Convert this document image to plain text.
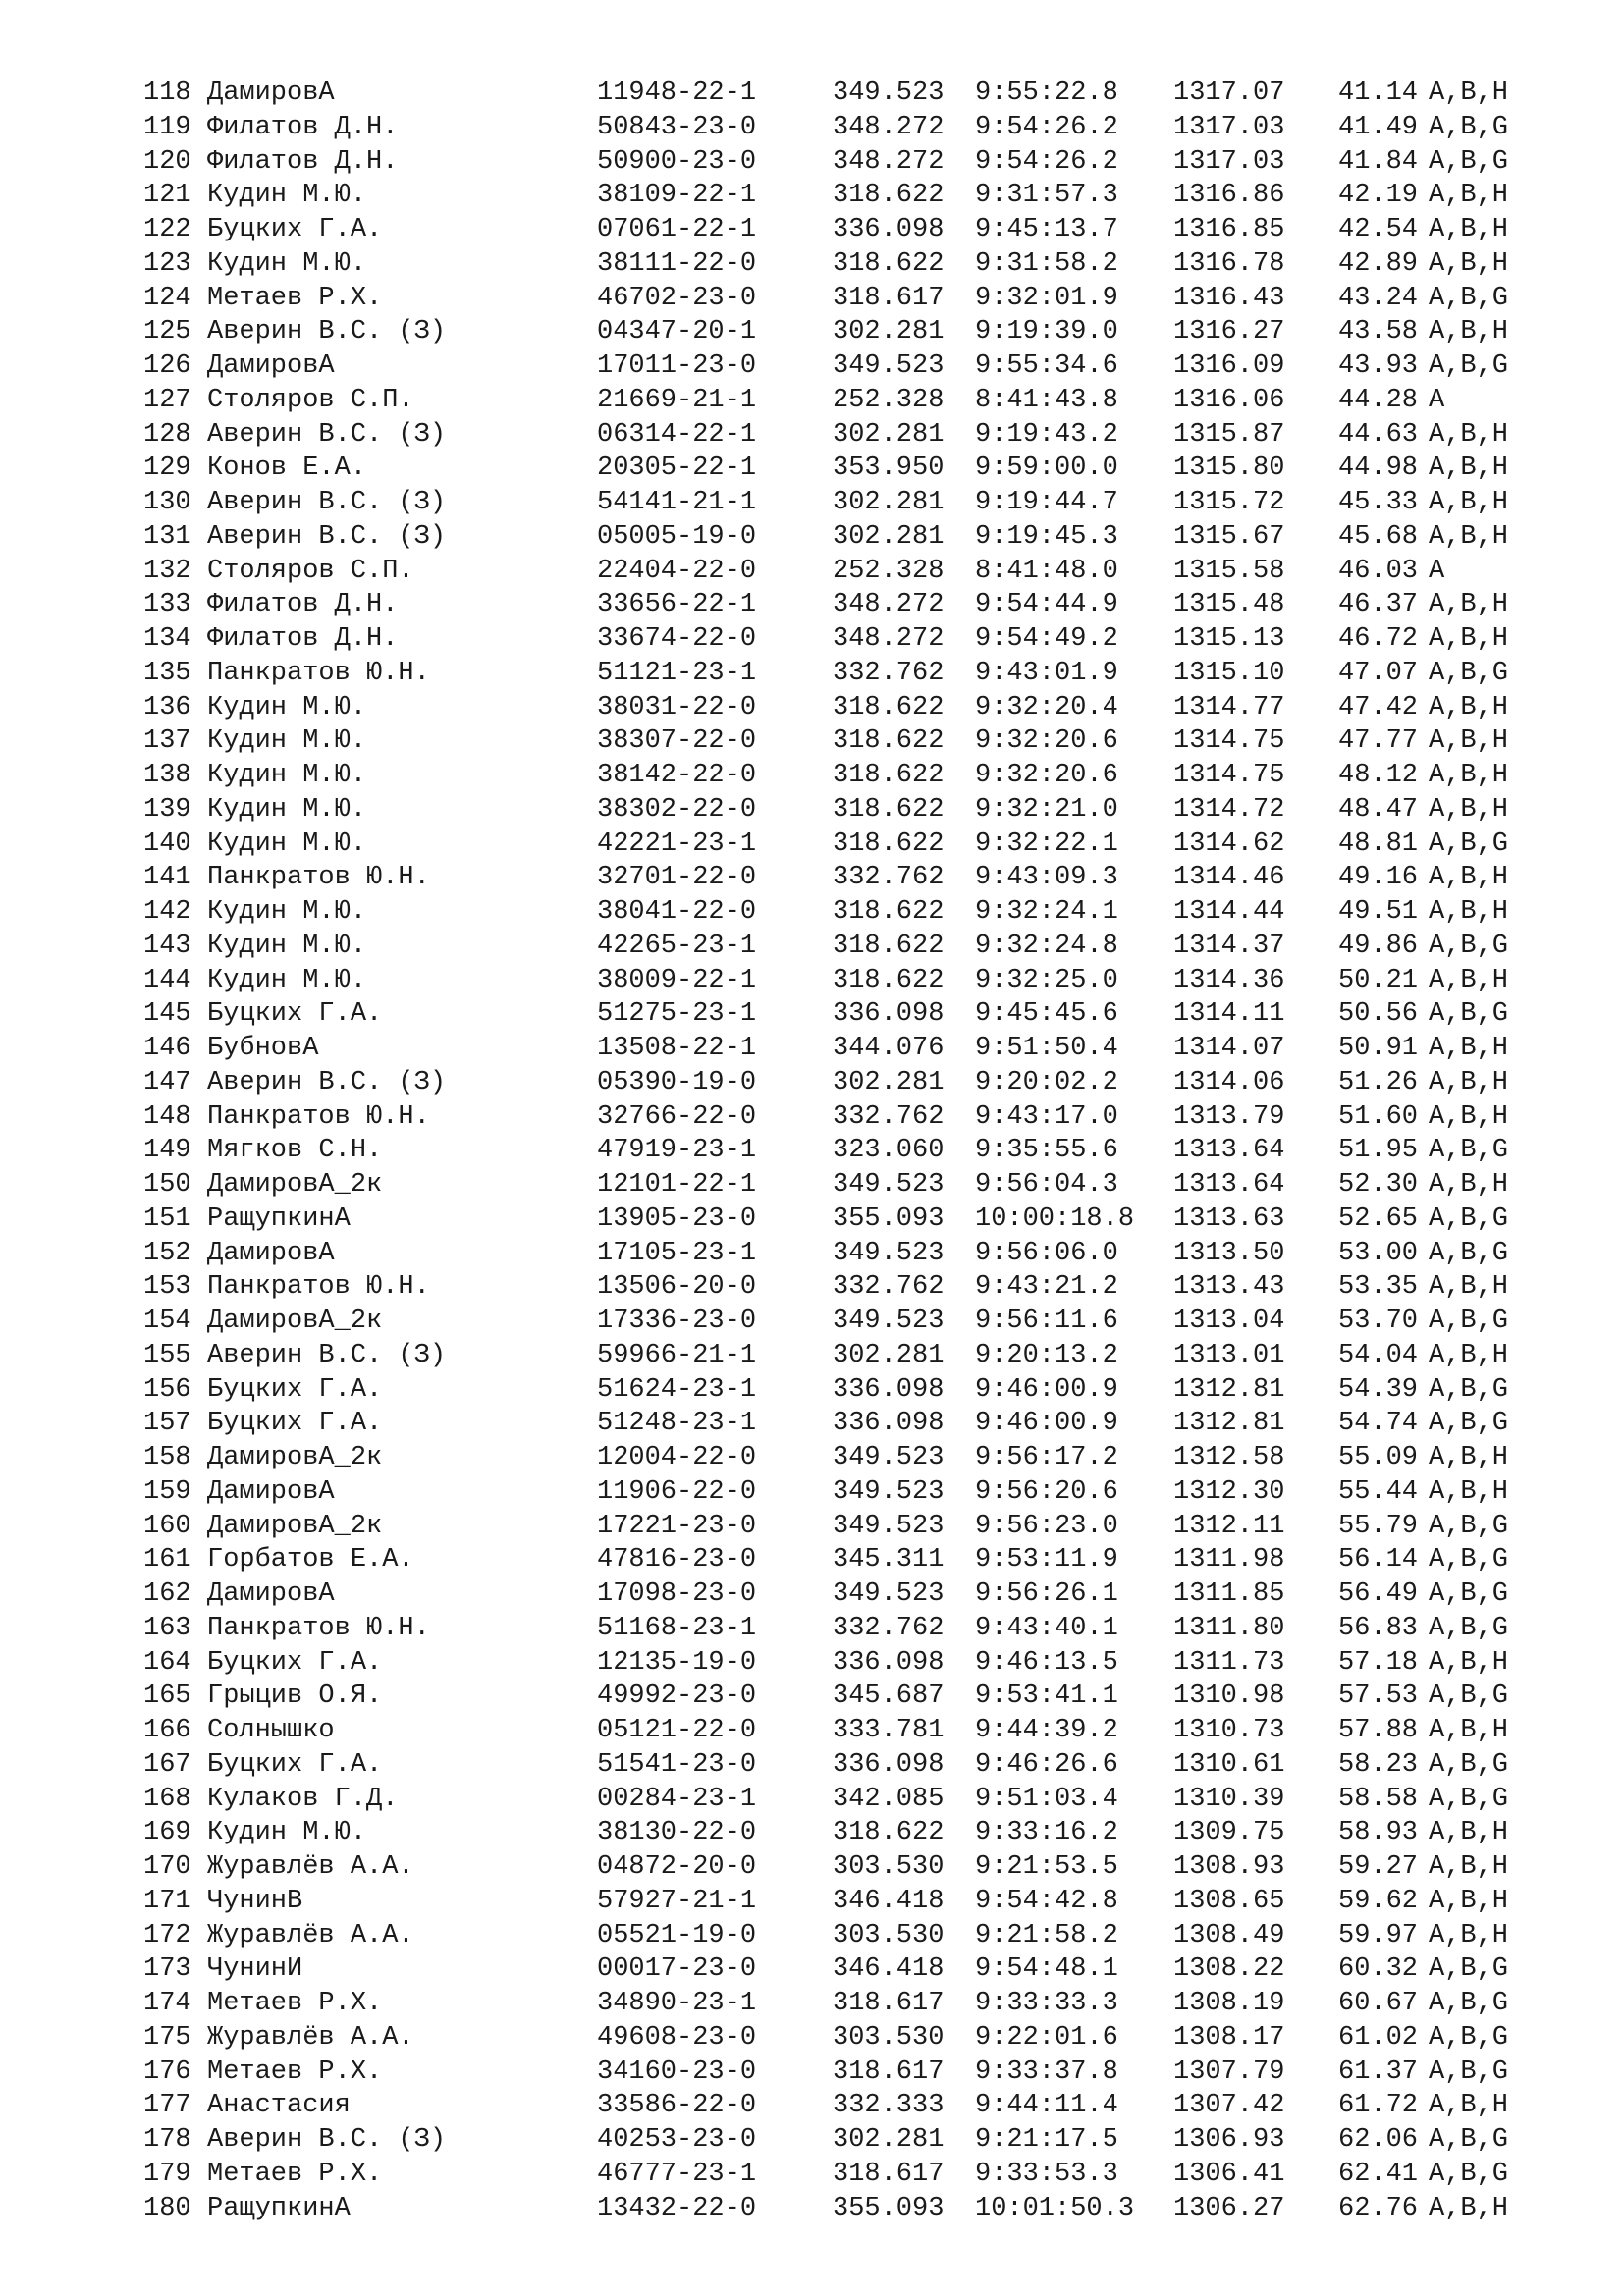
118 ДамировА	11948-22-1	349.523 9:55:22.8 1317.07 41.14 A,B,H
119 Филатов Д.Н.	50843-23-0	348.272 9:54:26.2 1317.03 41.49 A,B,G
120 Филатов Д.Н.	50900-23-0	348.272 9:54:26.2 1317.03 41.84 A,B,G
121 Кудин М.Ю.	38109-22-1	318.622 9:31:57.3 1316.86 42.19 A,B,H
122 Буцких Г.А.	07061-22-1	336.098 9:45:13.7 1316.85 42.54 A,B,H
123 Кудин М.Ю.	38111-22-0	318.622 9:31:58.2 1316.78 42.89 A,B,H
124 Метаев Р.Х.	46702-23-0	318.617 9:32:01.9 1316.43 43.24 A,B,G
125 Аверин В.С. (З)	04347-20-1	302.281 9:19:39.0 1316.27 43.58 A,B,H
126 ДамировА	17011-23-0	349.523 9:55:34.6 1316.09 43.93 A,B,G
127 Столяров С.П.	21669-21-1	252.328 8:41:43.8 1316.06 44.28 A
128 Аверин В.С. (З)	06314-22-1	302.281 9:19:43.2 1315.87 44.63 A,B,H
129 Конов Е.А.	20305-22-1	353.950 9:59:00.0 1315.80 44.98 A,B,H
130 Аверин В.С. (З)	54141-21-1	302.281 9:19:44.7 1315.72 45.33 A,B,H
131 Аверин В.С. (З)	05005-19-0	302.281 9:19:45.3 1315.67 45.68 A,B,H
132 Столяров С.П.	22404-22-0	252.328 8:41:48.0 1315.58 46.03 A
133 Филатов Д.Н.	33656-22-1	348.272 9:54:44.9 1315.48 46.37 A,B,H
134 Филатов Д.Н.	33674-22-0	348.272 9:54:49.2 1315.13 46.72 A,B,H
135 Панкратов Ю.Н.	51121-23-1	332.762 9:43:01.9 1315.10 47.07 A,B,G
136 Кудин М.Ю.	38031-22-0	318.622 9:32:20.4 1314.77 47.42 A,B,H
137 Кудин М.Ю.	38307-22-0	318.622 9:32:20.6 1314.75 47.77 A,B,H
138 Кудин М.Ю.	38142-22-0	318.622 9:32:20.6 1314.75 48.12 A,B,H
139 Кудин М.Ю.	38302-22-0	318.622 9:32:21.0 1314.72 48.47 A,B,H
140 Кудин М.Ю.	42221-23-1	318.622 9:32:22.1 1314.62 48.81 A,B,G
141 Панкратов Ю.Н.	32701-22-0	332.762 9:43:09.3 1314.46 49.16 A,B,H
142 Кудин М.Ю.	38041-22-0	318.622 9:32:24.1 1314.44 49.51 A,B,H
143 Кудин М.Ю.	42265-23-1	318.622 9:32:24.8 1314.37 49.86 A,B,G
144 Кудин М.Ю.	38009-22-1	318.622 9:32:25.0 1314.36 50.21 A,B,H
145 Буцких Г.А.	51275-23-1	336.098 9:45:45.6 1314.11 50.56 A,B,G
146 БубновА	13508-22-1	344.076 9:51:50.4 1314.07 50.91 A,B,H
147 Аверин В.С. (З)	05390-19-0	302.281 9:20:02.2 1314.06 51.26 A,B,H
148 Панкратов Ю.Н.	32766-22-0	332.762 9:43:17.0 1313.79 51.60 A,B,H
149 Мягков С.Н.	47919-23-1	323.060 9:35:55.6 1313.64 51.95 A,B,G
150 ДамировА_2к	12101-22-1	349.523 9:56:04.3 1313.64 52.30 A,B,H
151 РащупкинА	13905-23-0	355.093 10:00:18.8 1313.63 52.65 A,B,G
152 ДамировА	17105-23-1	349.523 9:56:06.0 1313.50 53.00 A,B,G
153 Панкратов Ю.Н.	13506-20-0	332.762 9:43:21.2 1313.43 53.35 A,B,H
154 ДамировА_2к	17336-23-0	349.523 9:56:11.6 1313.04 53.70 A,B,G
155 Аверин В.С. (З)	59966-21-1	302.281 9:20:13.2 1313.01 54.04 A,B,H
156 Буцких Г.А.	51624-23-1	336.098 9:46:00.9 1312.81 54.39 A,B,G
157 Буцких Г.А.	51248-23-1	336.098 9:46:00.9 1312.81 54.74 A,B,G
158 ДамировА_2к	12004-22-0	349.523 9:56:17.2 1312.58 55.09 A,B,H
159 ДамировА	11906-22-0	349.523 9:56:20.6 1312.30 55.44 A,B,H
160 ДамировА_2к	17221-23-0	349.523 9:56:23.0 1312.11 55.79 A,B,G
161 Горбатов Е.А.	47816-23-0	345.311 9:53:11.9 1311.98 56.14 A,B,G
162 ДамировА	17098-23-0	349.523 9:56:26.1 1311.85 56.49 A,B,G
163 Панкратов Ю.Н.	51168-23-1	332.762 9:43:40.1 1311.80 56.83 A,B,G
164 Буцких Г.А.	12135-19-0	336.098 9:46:13.5 1311.73 57.18 A,B,H
165 Грыцив О.Я.	49992-23-0	345.687 9:53:41.1 1310.98 57.53 A,B,G
166 Солнышко	05121-22-0	333.781 9:44:39.2 1310.73 57.88 A,B,H
167 Буцких Г.А.	51541-23-0	336.098 9:46:26.6 1310.61 58.23 A,B,G
168 Кулаков Г.Д.	00284-23-1	342.085 9:51:03.4 1310.39 58.58 A,B,G
169 Кудин М.Ю.	38130-22-0	318.622 9:33:16.2 1309.75 58.93 A,B,H
170 Журавлёв А.А.	04872-20-0	303.530 9:21:53.5 1308.93 59.27 A,B,H
171 ЧунинВ	57927-21-1	346.418 9:54:42.8 1308.65 59.62 A,B,H
172 Журавлёв А.А.	05521-19-0	303.530 9:21:58.2 1308.49 59.97 A,B,H
173 ЧунинИ	00017-23-0	346.418 9:54:48.1 1308.22 60.32 A,B,G
174 Метаев Р.Х.	34890-23-1	318.617 9:33:33.3 1308.19 60.67 A,B,G
175 Журавлёв А.А.	49608-23-0	303.530 9:22:01.6 1308.17 61.02 A,B,G
176 Метаев Р.Х.	34160-23-0	318.617 9:33:37.8 1307.79 61.37 A,B,G
177 Анастасия	33586-22-0	332.333 9:44:11.4 1307.42 61.72 A,B,H
178 Аверин В.С. (З)	40253-23-0	302.281 9:21:17.5 1306.93 62.06 A,B,G
179 Метаев Р.Х.	46777-23-1	318.617 9:33:53.3 1306.41 62.41 A,B,G
180 РащупкинА	13432-22-0	355.093 10:01:50.3 1306.27 62.76 A,B,H
